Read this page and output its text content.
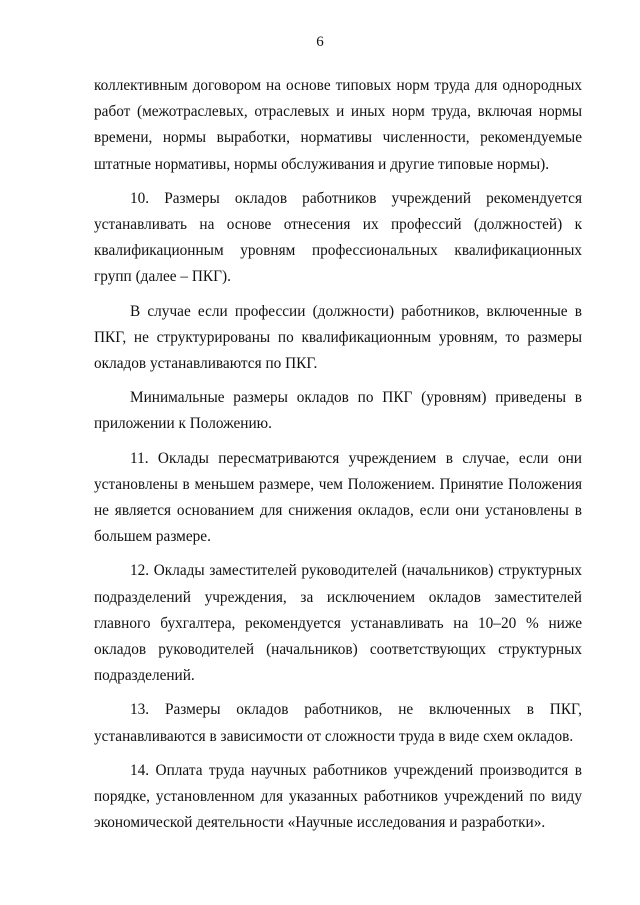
6

коллективным договором на основе типовых норм труда для однородных работ (межотраслевых, отраслевых и иных норм труда, включая нормы времени, нормы выработки, нормативы численности, рекомендуемые штатные нормативы, нормы обслуживания и другие типовые нормы).

10. Размеры окладов работников учреждений рекомендуется устанавливать на основе отнесения их профессий (должностей) к квалификационным уровням профессиональных квалификационных групп (далее – ПКГ).

В случае если профессии (должности) работников, включенные в ПКГ, не структурированы по квалификационным уровням, то размеры окладов устанавливаются по ПКГ.

Минимальные размеры окладов по ПКГ (уровням) приведены в приложении к Положению.

11. Оклады пересматриваются учреждением в случае, если они установлены в меньшем размере, чем Положением. Принятие Положения не является основанием для снижения окладов, если они установлены в большем размере.

12. Оклады заместителей руководителей (начальников) структурных подразделений учреждения, за исключением окладов заместителей главного бухгалтера, рекомендуется устанавливать на 10–20 % ниже окладов руководителей (начальников) соответствующих структурных подразделений.

13. Размеры окладов работников, не включенных в ПКГ, устанавливаются в зависимости от сложности труда в виде схем окладов.

14. Оплата труда научных работников учреждений производится в порядке, установленном для указанных работников учреждений по виду экономической деятельности «Научные исследования и разработки».
